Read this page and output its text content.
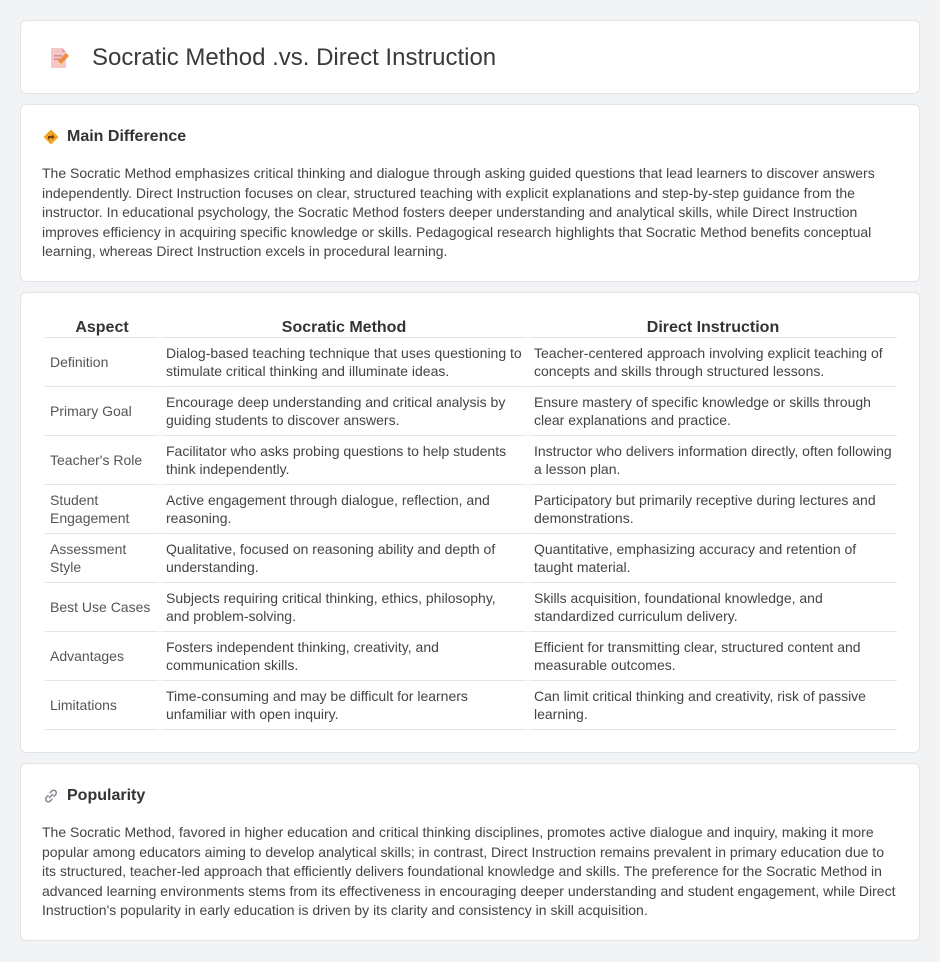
Socratic Method .vs. Direct Instruction
Main Difference

The Socratic Method emphasizes critical thinking and dialogue through asking guided questions that lead learners to discover answers independently. Direct Instruction focuses on clear, structured teaching with explicit explanations and step-by-step guidance from the instructor. In educational psychology, the Socratic Method fosters deeper understanding and analytical skills, while Direct Instruction improves efficiency in acquiring specific knowledge or skills. Pedagogical research highlights that Socratic Method benefits conceptual learning, whereas Direct Instruction excels in procedural learning.

Aspect	Socratic Method	Direct Instruction
Definition	Dialog-based teaching technique that uses questioning to stimulate critical thinking and illuminate ideas.	Teacher-centered approach involving explicit teaching of concepts and skills through structured lessons.
Primary Goal	Encourage deep understanding and critical analysis by guiding students to discover answers.	Ensure mastery of specific knowledge or skills through clear explanations and practice.
Teacher's Role	Facilitator who asks probing questions to help students think independently.	Instructor who delivers information directly, often following a lesson plan.
Student Engagement	Active engagement through dialogue, reflection, and reasoning.	Participatory but primarily receptive during lectures and demonstrations.
Assessment Style	Qualitative, focused on reasoning ability and depth of understanding.	Quantitative, emphasizing accuracy and retention of taught material.
Best Use Cases	Subjects requiring critical thinking, ethics, philosophy, and problem-solving.	Skills acquisition, foundational knowledge, and standardized curriculum delivery.
Advantages	Fosters independent thinking, creativity, and communication skills.	Efficient for transmitting clear, structured content and measurable outcomes.
Limitations	Time-consuming and may be difficult for learners unfamiliar with open inquiry.	Can limit critical thinking and creativity, risk of passive learning.
Popularity

The Socratic Method, favored in higher education and critical thinking disciplines, promotes active dialogue and inquiry, making it more popular among educators aiming to develop analytical skills; in contrast, Direct Instruction remains prevalent in primary education due to its structured, teacher-led approach that efficiently delivers foundational knowledge and skills. The preference for the Socratic Method in advanced learning environments stems from its effectiveness in encouraging deeper understanding and student engagement, while Direct Instruction's popularity in early education is driven by its clarity and consistency in skill acquisition.
